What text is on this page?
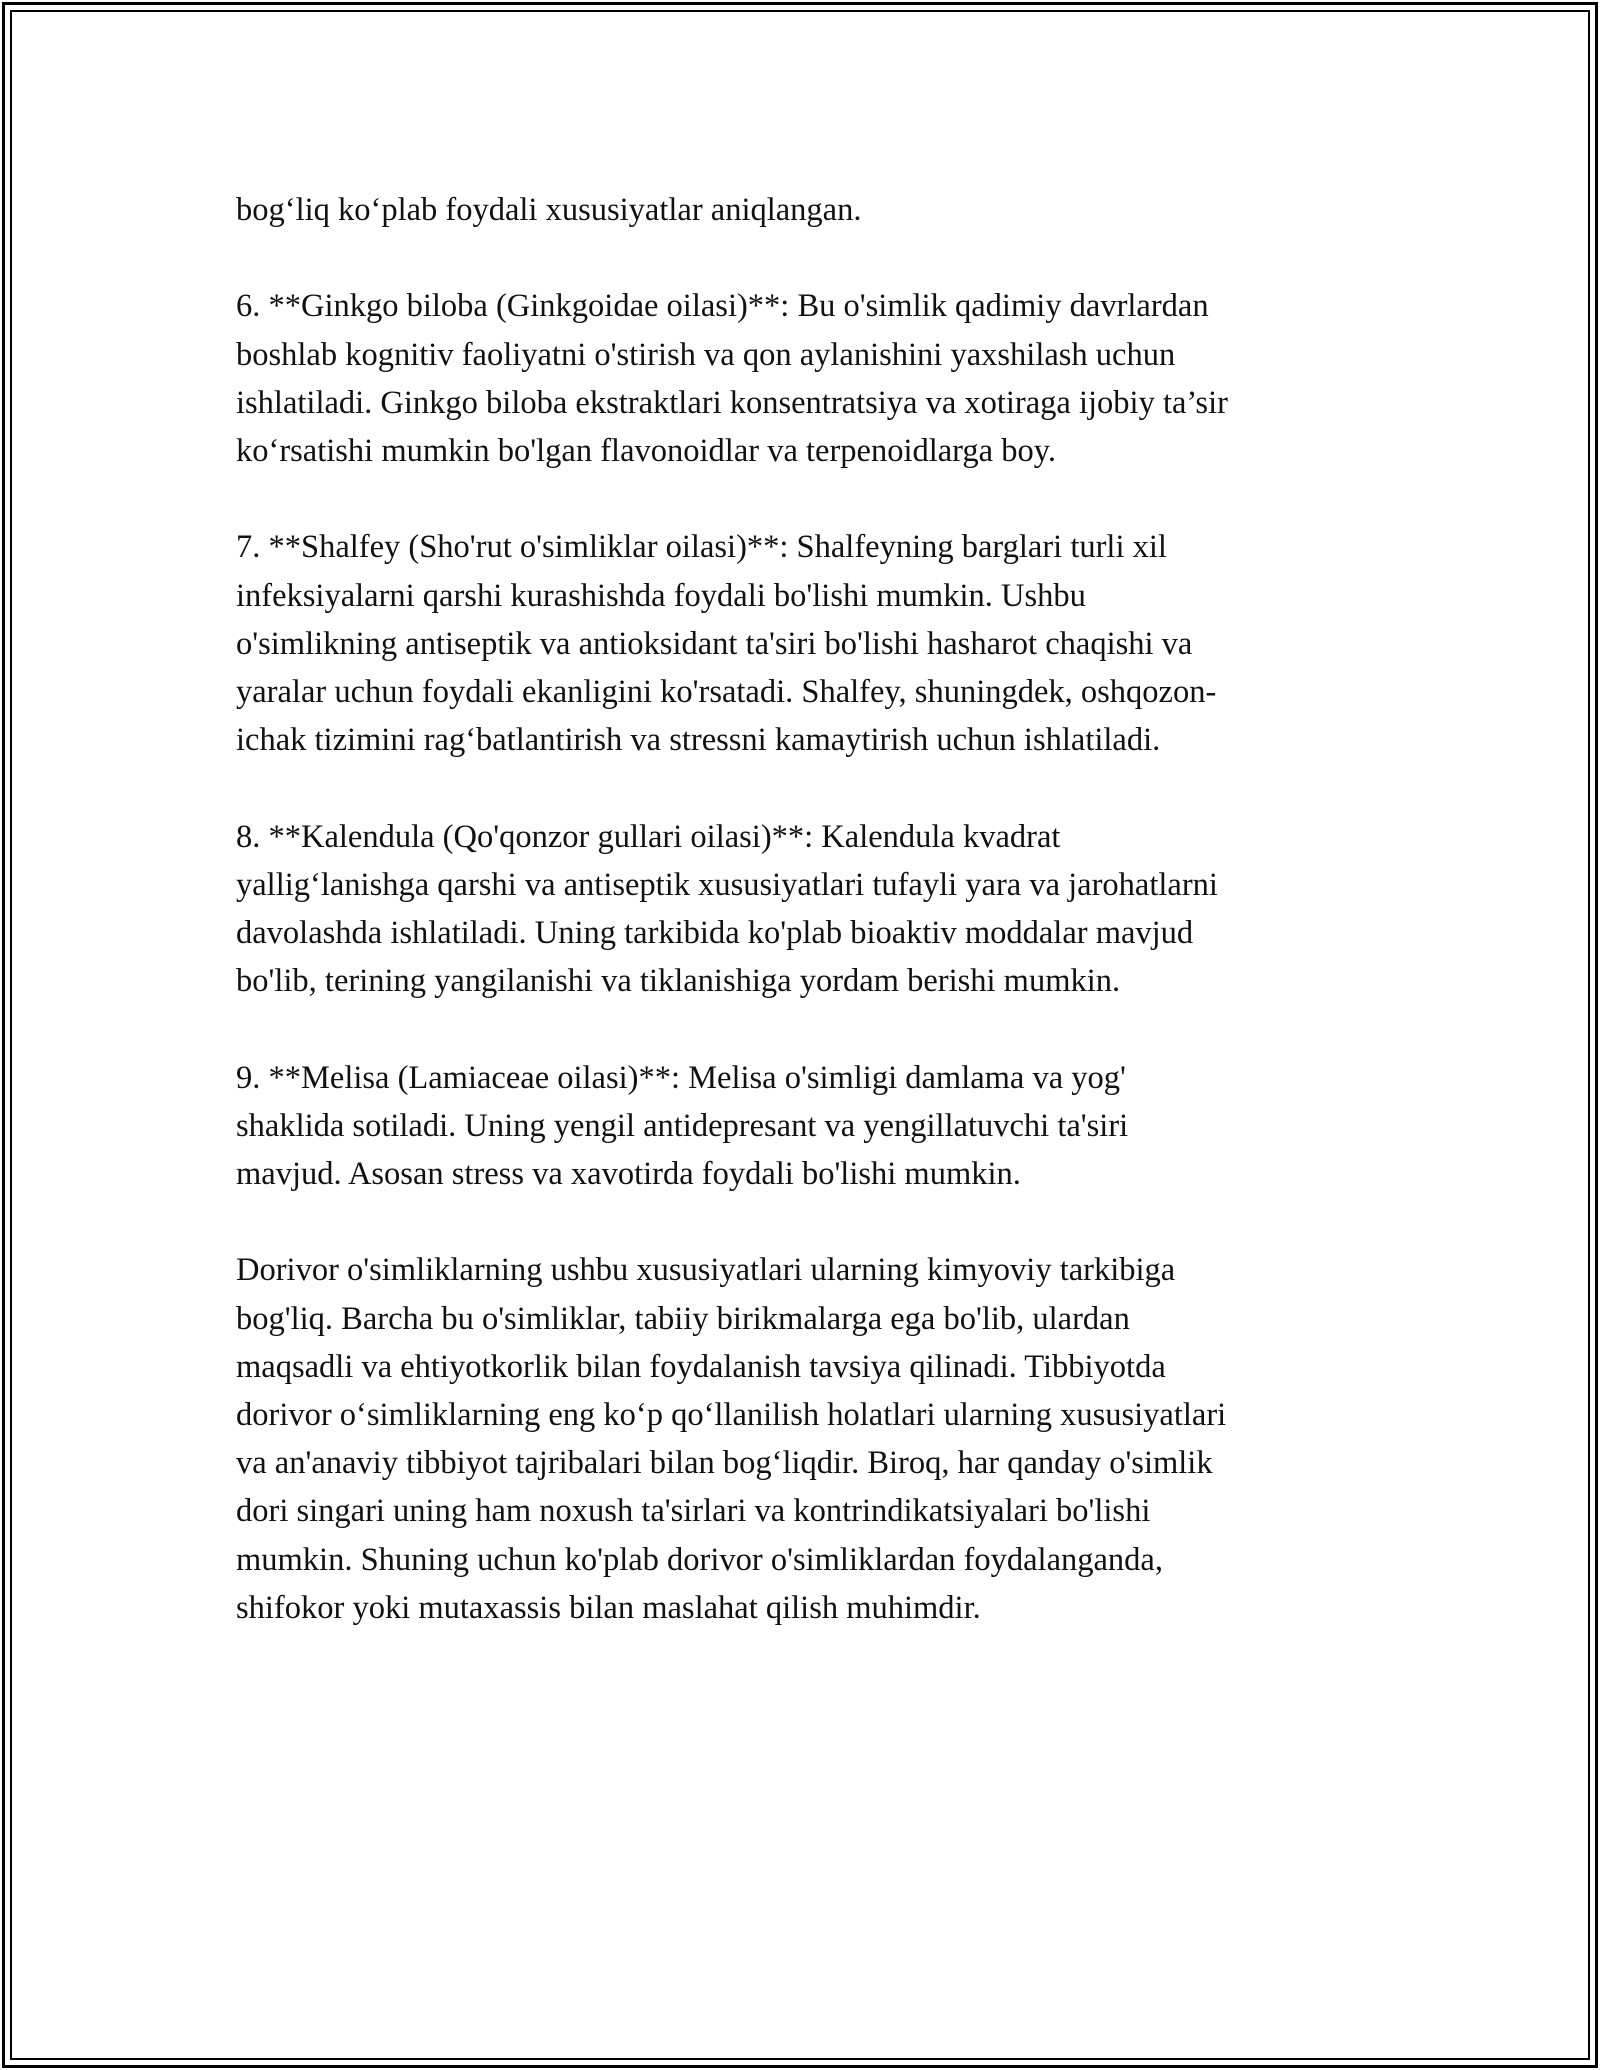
bog‘liq ko‘plab foydali xususiyatlar aniqlangan.

6. **Ginkgo biloba (Ginkgoidae oilasi)**: Bu o'simlik qadimiy davrlardan
boshlab kognitiv faoliyatni o'stirish va qon aylanishini yaxshilash uchun
ishlatiladi. Ginkgo biloba ekstraktlari konsentratsiya va xotiraga ijobiy ta’sir
ko‘rsatishi mumkin bo'lgan flavonoidlar va terpenoidlarga boy.

7. **Shalfey (Sho'rut o'simliklar oilasi)**: Shalfeyning barglari turli xil
infeksiyalarni qarshi kurashishda foydali bo'lishi mumkin. Ushbu
o'simlikning antiseptik va antioksidant ta'siri bo'lishi hasharot chaqishi va
yaralar uchun foydali ekanligini ko'rsatadi. Shalfey, shuningdek, oshqozon-
ichak tizimini rag‘batlantirish va stressni kamaytirish uchun ishlatiladi.

8. **Kalendula (Qo'qonzor gullari oilasi)**: Kalendula kvadrat
yallig‘lanishga qarshi va antiseptik xususiyatlari tufayli yara va jarohatlarni
davolashda ishlatiladi. Uning tarkibida ko'plab bioaktiv moddalar mavjud
bo'lib, terining yangilanishi va tiklanishiga yordam berishi mumkin.

9. **Melisa (Lamiaceae oilasi)**: Melisa o'simligi damlama va yog'
shaklida sotiladi. Uning yengil antidepresant va yengillatuvchi ta'siri
mavjud. Asosan stress va xavotirda foydali bo'lishi mumkin.

Dorivor o'simliklarning ushbu xususiyatlari ularning kimyoviy tarkibiga
bog'liq. Barcha bu o'simliklar, tabiiy birikmalarga ega bo'lib, ulardan
maqsadli va ehtiyotkorlik bilan foydalanish tavsiya qilinadi. Tibbiyotda
dorivor o‘simliklarning eng ko‘p qo‘llanilish holatlari ularning xususiyatlari
va an'anaviy tibbiyot tajribalari bilan bog‘liqdir. Biroq, har qanday o'simlik
dori singari uning ham noxush ta'sirlari va kontrindikatsiyalari bo'lishi
mumkin. Shuning uchun ko'plab dorivor o'simliklardan foydalanganda,
shifokor yoki mutaxassis bilan maslahat qilish muhimdir.
